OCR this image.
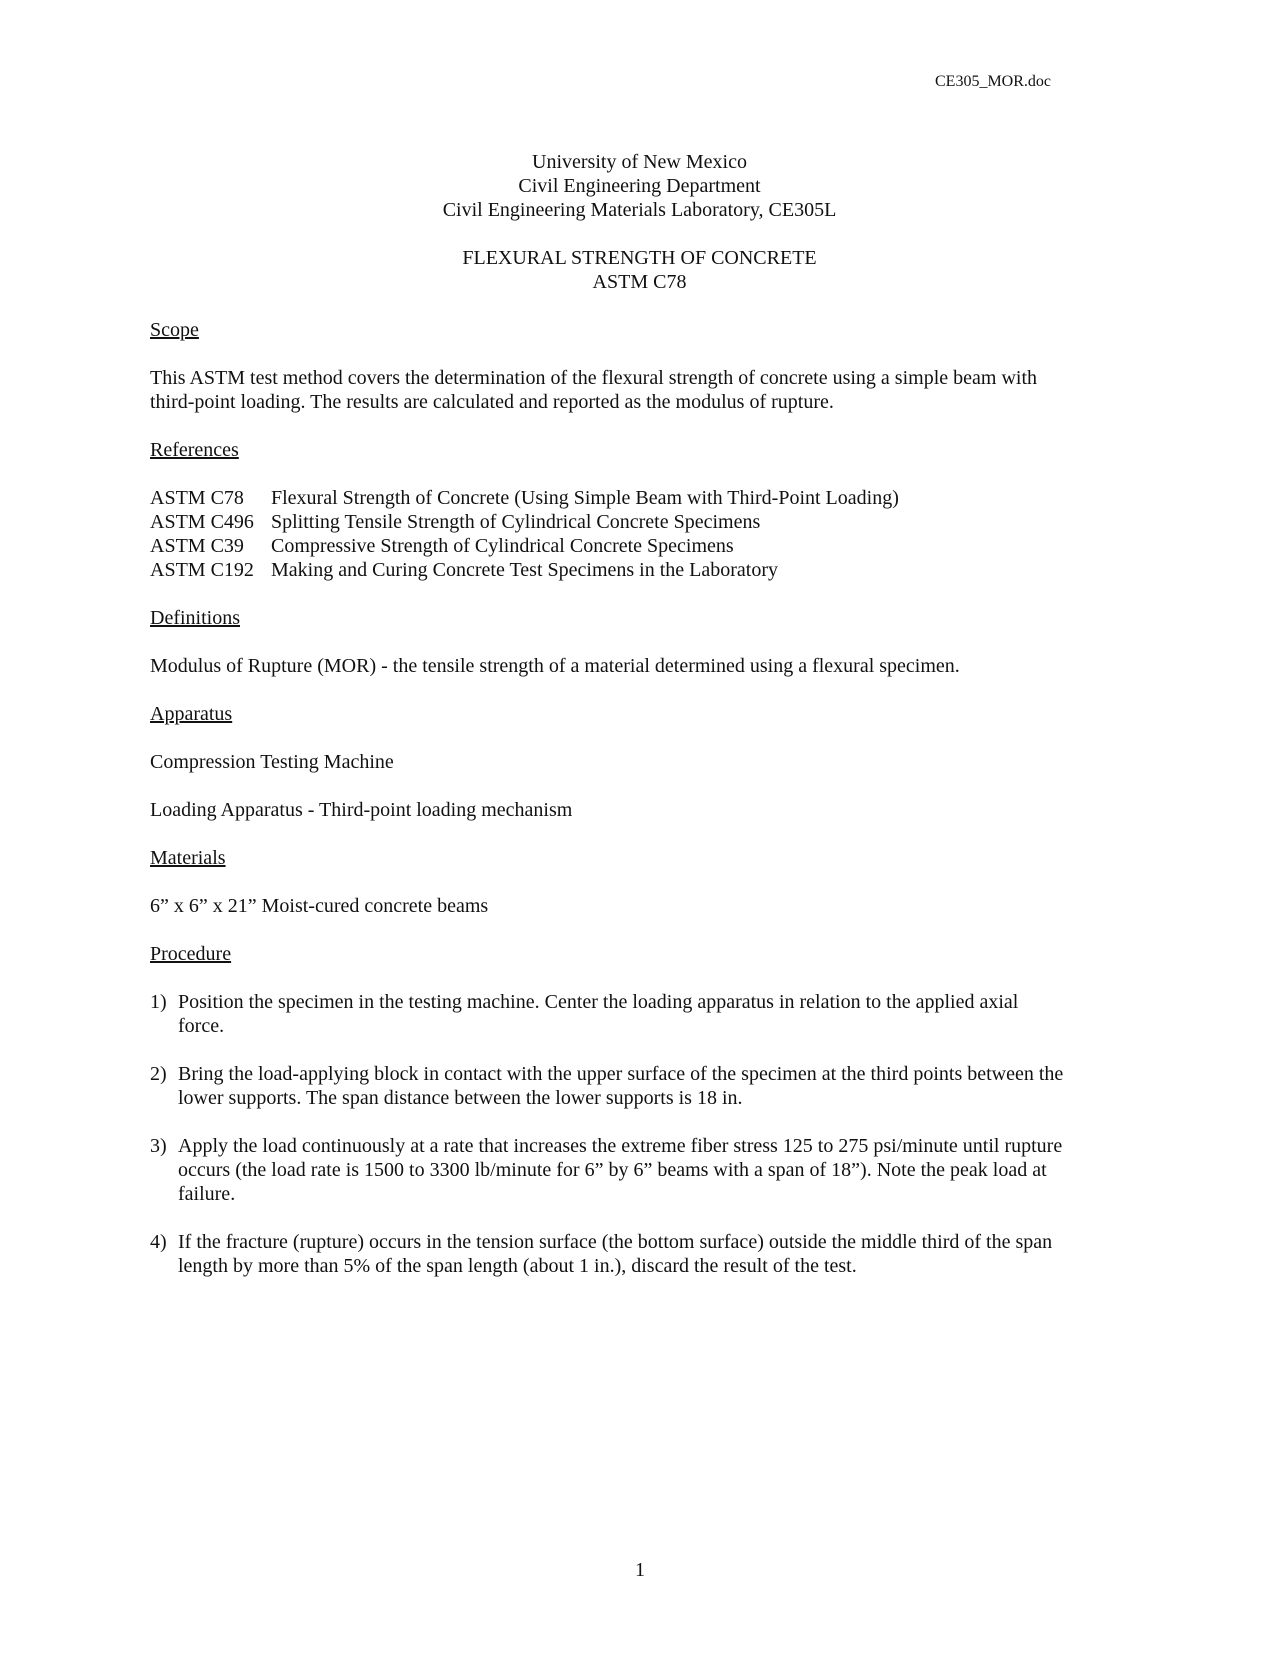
CE305_MOR.doc
University of New Mexico
Civil Engineering Department
Civil Engineering Materials Laboratory, CE305L
FLEXURAL STRENGTH OF CONCRETE
ASTM C78
Scope
This ASTM test method covers the determination of the flexural strength of concrete using a simple beam with
third-point loading. The results are calculated and reported as the modulus of rupture.
References
ASTM C78	Flexural Strength of Concrete (Using Simple Beam with Third-Point Loading)
ASTM C496 Splitting Tensile Strength of Cylindrical Concrete Specimens
ASTM C39	Compressive Strength of Cylindrical Concrete Specimens
ASTM C192 Making and Curing Concrete Test Specimens in the Laboratory
Definitions
Modulus of Rupture (MOR) - the tensile strength of a material determined using a flexural specimen.
Apparatus
Compression Testing Machine
Loading Apparatus - Third-point loading mechanism
Materials
6” x 6” x 21” Moist-cured concrete beams
Procedure
1) Position the specimen in the testing machine. Center the loading apparatus in relation to the applied axial
force.
2) Bring the load-applying block in contact with the upper surface of the specimen at the third points between the
lower supports. The span distance between the lower supports is 18 in.
3) Apply the load continuously at a rate that increases the extreme fiber stress 125 to 275 psi/minute until rupture
occurs (the load rate is 1500 to 3300 lb/minute for 6” by 6” beams with a span of 18”). Note the peak load at
failure.
4) If the fracture (rupture) occurs in the tension surface (the bottom surface) outside the middle third of the span
length by more than 5% of the span length (about 1 in.), discard the result of the test.
1
